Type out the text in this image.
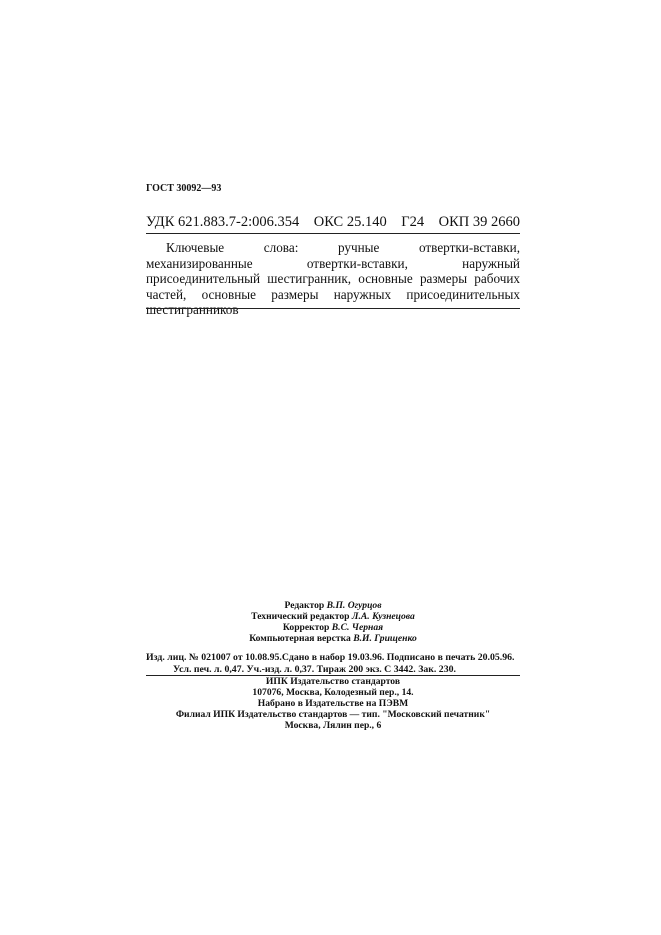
ГОСТ 30092—93
УДК 621.883.7-2:006.354 ОКС 25.140 Г24 ОКП 39 2660
Ключевые слова: ручные отвертки-вставки, механизированные отвертки-вставки, наружный присоединительный шестигранник, основные размеры рабочих частей, основные размеры наружных присоединительных шестигранников
Редактор В.П. Огурцов
Технический редактор Л.А. Кузнецова
Корректор В.С. Черная
Компьютерная верстка В.И. Грищенко
Изд. лиц. № 021007 от 10.08.95.Сдано в набор 19.03.96. Подписано в печать 20.05.96.
Усл. печ. л. 0,47. Уч.-изд. л. 0,37. Тираж 200 экз. С 3442. Зак. 230.
ИПК Издательство стандартов
107076, Москва, Колодезный пер., 14.
Набрано в Издательстве на ПЭВМ
Филиал ИПК Издательство стандартов — тип. "Московский печатник"
Москва, Лялин пер., 6
